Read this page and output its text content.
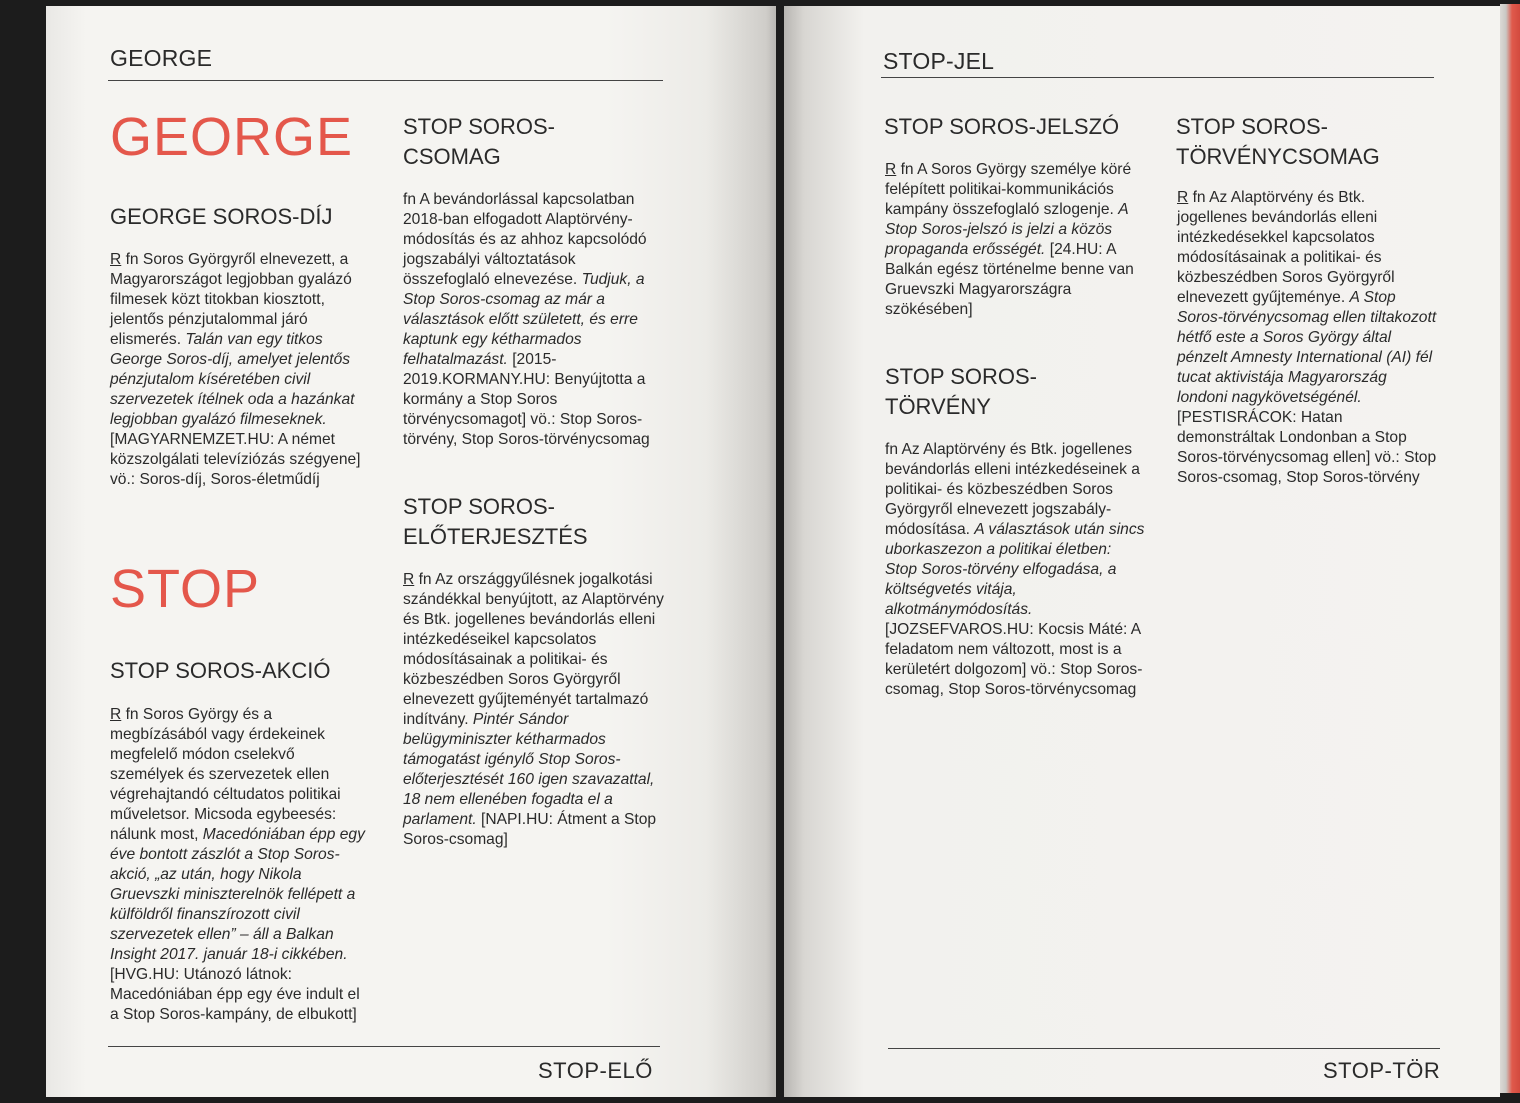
GEORGE
GEORGE
GEORGE SOROS-DÍJ
R fn Soros Györgyről elnevezett, a Magyarországot legjobban gyalázó filmesek közt titokban kiosztott, jelentős pénzjutalommal járó elismerés. Talán van egy titkos George Soros-díj, amelyet jelentős pénzjutalom kíséretében civil szervezetek ítélnek oda a hazánkat legjobban gyalázó filmeseknek. [MAGYARNEMZET.HU: A német közszolgálati televíziózás szégyene] vö.: Soros-díj, Soros-életműdíj
STOP
STOP SOROS-AKCIÓ
R fn Soros György és a megbízásából vagy érdekeinek megfelelő módon cselekvő személyek és szervezetek ellen végrehajtandó céltudatos politikai műveletsor. Micsoda egybeesés: nálunk most, Macedóniában épp egy éve bontott zászlót a Stop Soros-akció, „az után, hogy Nikola Gruevszki miniszterelnök fellépett a külföldről finanszírozott civil szervezetek ellen” – áll a Balkan Insight 2017. január 18-i cikkében. [HVG.HU: Utánozó látnok: Macedóniában épp egy éve indult el a Stop Soros-kampány, de elbukott]
STOP SOROS-CSOMAG
fn A bevándorlással kapcsolatban 2018-ban elfogadott Alaptörvény-módosítás és az ahhoz kapcsolódó jogszabályi változtatások összefoglaló elnevezése. Tudjuk, a Stop Soros-csomag az már a választások előtt született, és erre kaptunk egy kétharmados felhatalmazást. [2015-2019.KORMANY.HU: Benyújtotta a kormány a Stop Soros törvénycsomagot] vö.: Stop Soros-törvény, Stop Soros-törvénycsomag
STOP SOROS-ELŐTERJESZTÉS
R fn Az országgyűlésnek jogalkotási szándékkal benyújtott, az Alaptörvény és Btk. jogellenes bevándorlás elleni intézkedéseikel kapcsolatos módosításainak a politikai- és közbeszédben Soros Györgyről elnevezett gyűjteményét tartalmazó indítvány. Pintér Sándor belügyminiszter kétharmados támogatást igénylő Stop Soros-előterjesztését 160 igen szavazattal, 18 nem ellenében fogadta el a parlament. [NAPI.HU: Átment a Stop Soros-csomag]
STOP-ELŐ
STOP-JEL
STOP SOROS-JELSZÓ
R fn A Soros György személye köré felépített politikai-kommunikációs kampány összefoglaló szlogenje. A Stop Soros-jelszó is jelzi a közös propaganda erősségét. [24.HU: A Balkán egész történelme benne van Gruevszki Magyarországra szökésében]
STOP SOROS-TÖRVÉNY
fn Az Alaptörvény és Btk. jogellenes bevándorlás elleni intézkedéseinek a politikai- és közbeszédben Soros Györgyről elnevezett jogszabály-módosítása. A választások után sincs uborkaszezon a politikai életben: Stop Soros-törvény elfogadása, a költségvetés vitája, alkotmánymódosítás. [JOZSEFVAROS.HU: Kocsis Máté: A feladatom nem változott, most is a kerületért dolgozom] vö.: Stop Soros-csomag, Stop Soros-törvénycsomag
STOP SOROS-TÖRVÉNYCSOMAG
R fn Az Alaptörvény és Btk. jogellenes bevándorlás elleni intézkedésekkel kapcsolatos módosításainak a politikai- és közbeszédben Soros Györgyről elnevezett gyűjteménye. A Stop Soros-törvénycsomag ellen tiltakozott hétfő este a Soros György által pénzelt Amnesty International (AI) fél tucat aktivistája Magyarország londoni nagykövetségénél. [PESTISRÁCOK: Hatan demonstráltak Londonban a Stop Soros-törvénycsomag ellen] vö.: Stop Soros-csomag, Stop Soros-törvény
STOP-TÖR
